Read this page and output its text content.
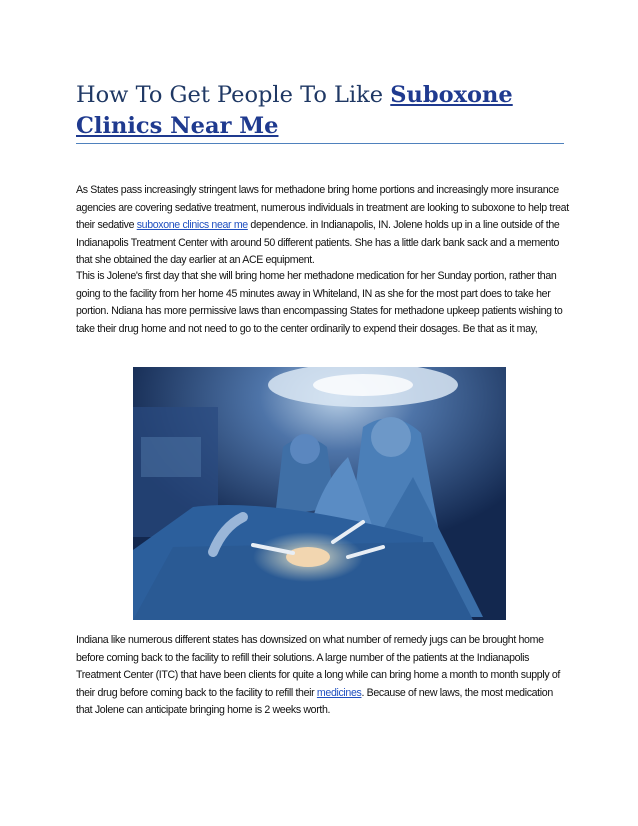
How To Get People To Like Suboxone
Clinics Near Me

As States pass increasingly stringent laws for methadone bring home portions and increasingly more insurance agencies are covering sedative treatment, numerous individuals in treatment are looking to suboxone to help treat their sedative suboxone clinics near me dependence. in Indianapolis, IN. Jolene holds up in a line outside of the Indianapolis Treatment Center with around 50 different patients. She has a little dark bank sack and a memento that she obtained the day earlier at an ACE equipment.

This is Jolene's first day that she will bring home her methadone medication for her Sunday portion, rather than going to the facility from her home 45 minutes away in Whiteland, IN as she for the most part does to take her portion. Ndiana has more permissive laws than encompassing States for methadone upkeep patients wishing to take their drug home and not need to go to the center ordinarily to expend their dosages. Be that as it may,

Indiana like numerous different states has downsized on what number of remedy jugs can be brought home before coming back to the facility to refill their solutions. A large number of the patients at the Indianapolis Treatment Center (ITC) that have been clients for quite a long while can bring home a month to month supply of their drug before coming back to the facility to refill their medicines. Because of new laws, the most medication that Jolene can anticipate bringing home is 2 weeks worth.
